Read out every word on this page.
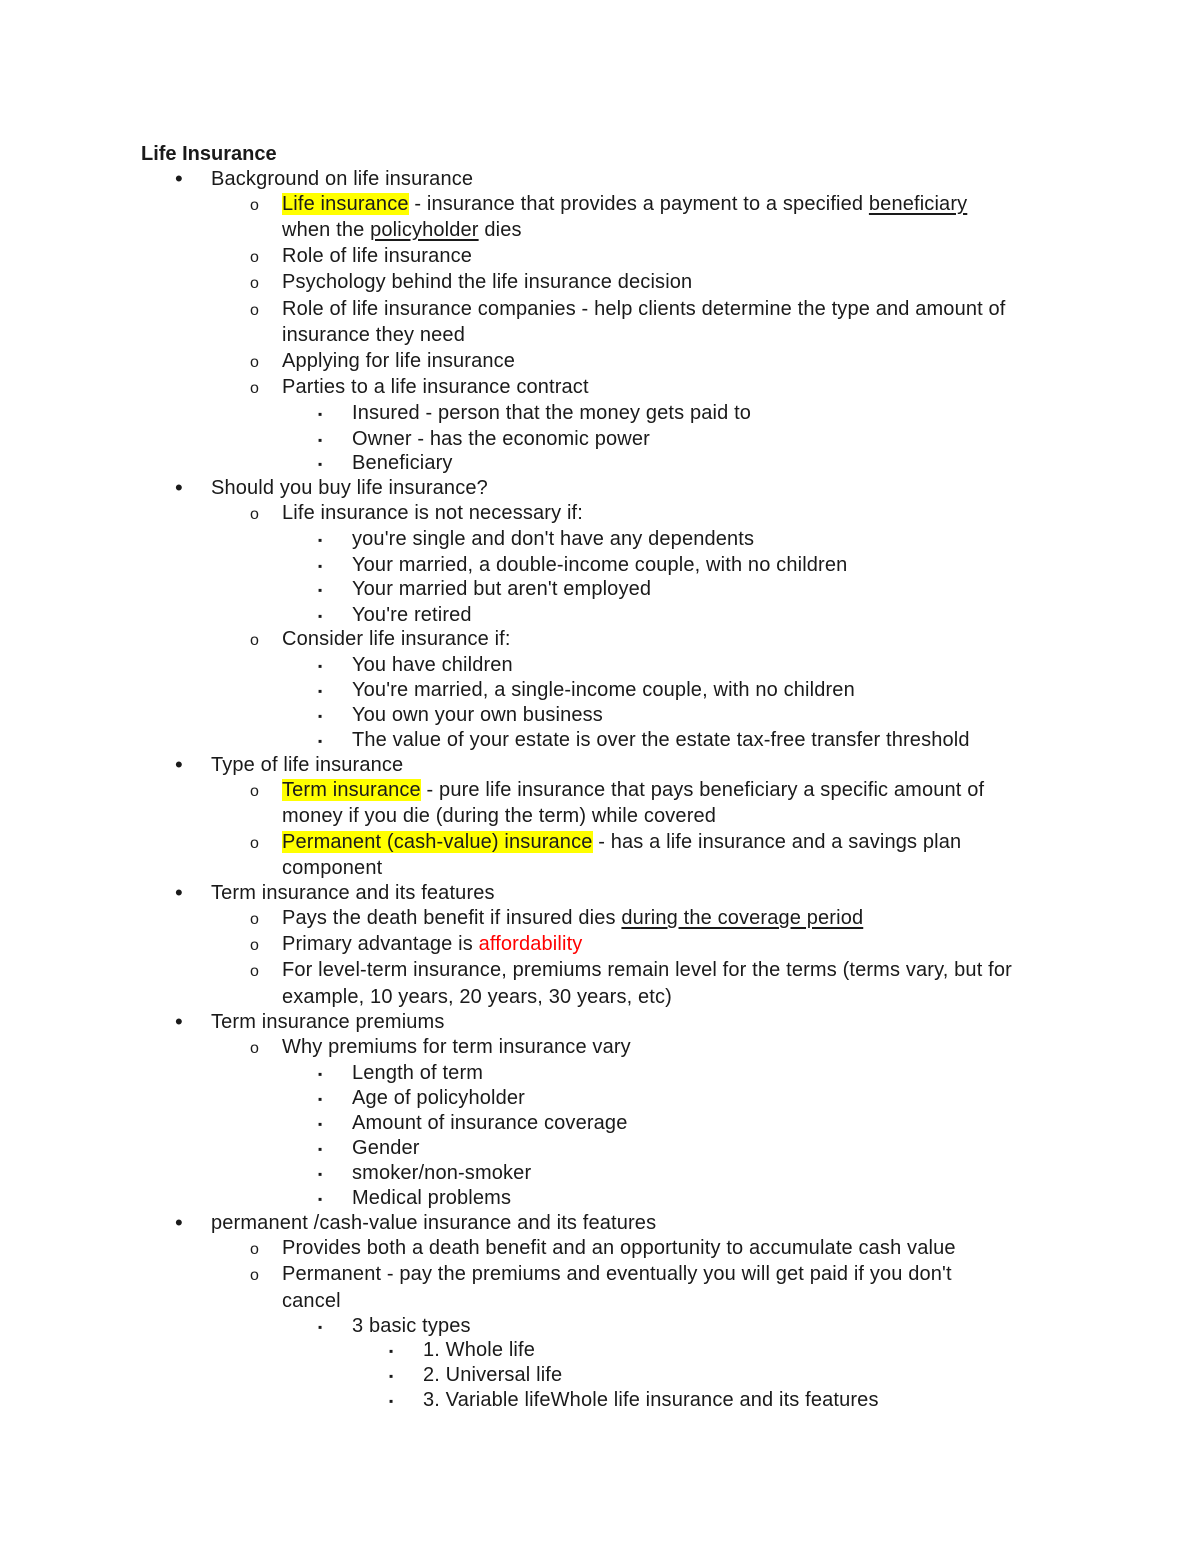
Life Insurance
• Background on life insurance
o Life insurance - insurance that provides a payment to a specified beneficiary
when the policyholder dies
o Role of life insurance
o Psychology behind the life insurance decision
o Role of life insurance companies - help clients determine the type and amount of
insurance they need
o Applying for life insurance
o Parties to a life insurance contract
▪ Insured - person that the money gets paid to
▪ Owner - has the economic power
▪ Beneficiary
• Should you buy life insurance?
o Life insurance is not necessary if:
▪ you're single and don't have any dependents
▪ Your married, a double-income couple, with no children
▪ Your married but aren't employed
▪ You're retired
o Consider life insurance if:
▪ You have children
▪ You're married, a single-income couple, with no children
▪ You own your own business
▪ The value of your estate is over the estate tax-free transfer threshold
• Type of life insurance
o Term insurance - pure life insurance that pays beneficiary a specific amount of
money if you die (during the term) while covered
o Permanent (cash-value) insurance - has a life insurance and a savings plan
component
• Term insurance and its features
o Pays the death benefit if insured dies during the coverage period
o Primary advantage is affordability
o For level-term insurance, premiums remain level for the terms (terms vary, but for
example, 10 years, 20 years, 30 years, etc)
• Term insurance premiums
o Why premiums for term insurance vary
▪ Length of term
▪ Age of policyholder
▪ Amount of insurance coverage
▪ Gender
▪ smoker/non-smoker
▪ Medical problems
• permanent /cash-value insurance and its features
o Provides both a death benefit and an opportunity to accumulate cash value
o Permanent - pay the premiums and eventually you will get paid if you don't
cancel
▪ 3 basic types
▪ 1. Whole life
▪ 2. Universal life
▪ 3. Variable lifeWhole life insurance and its features
